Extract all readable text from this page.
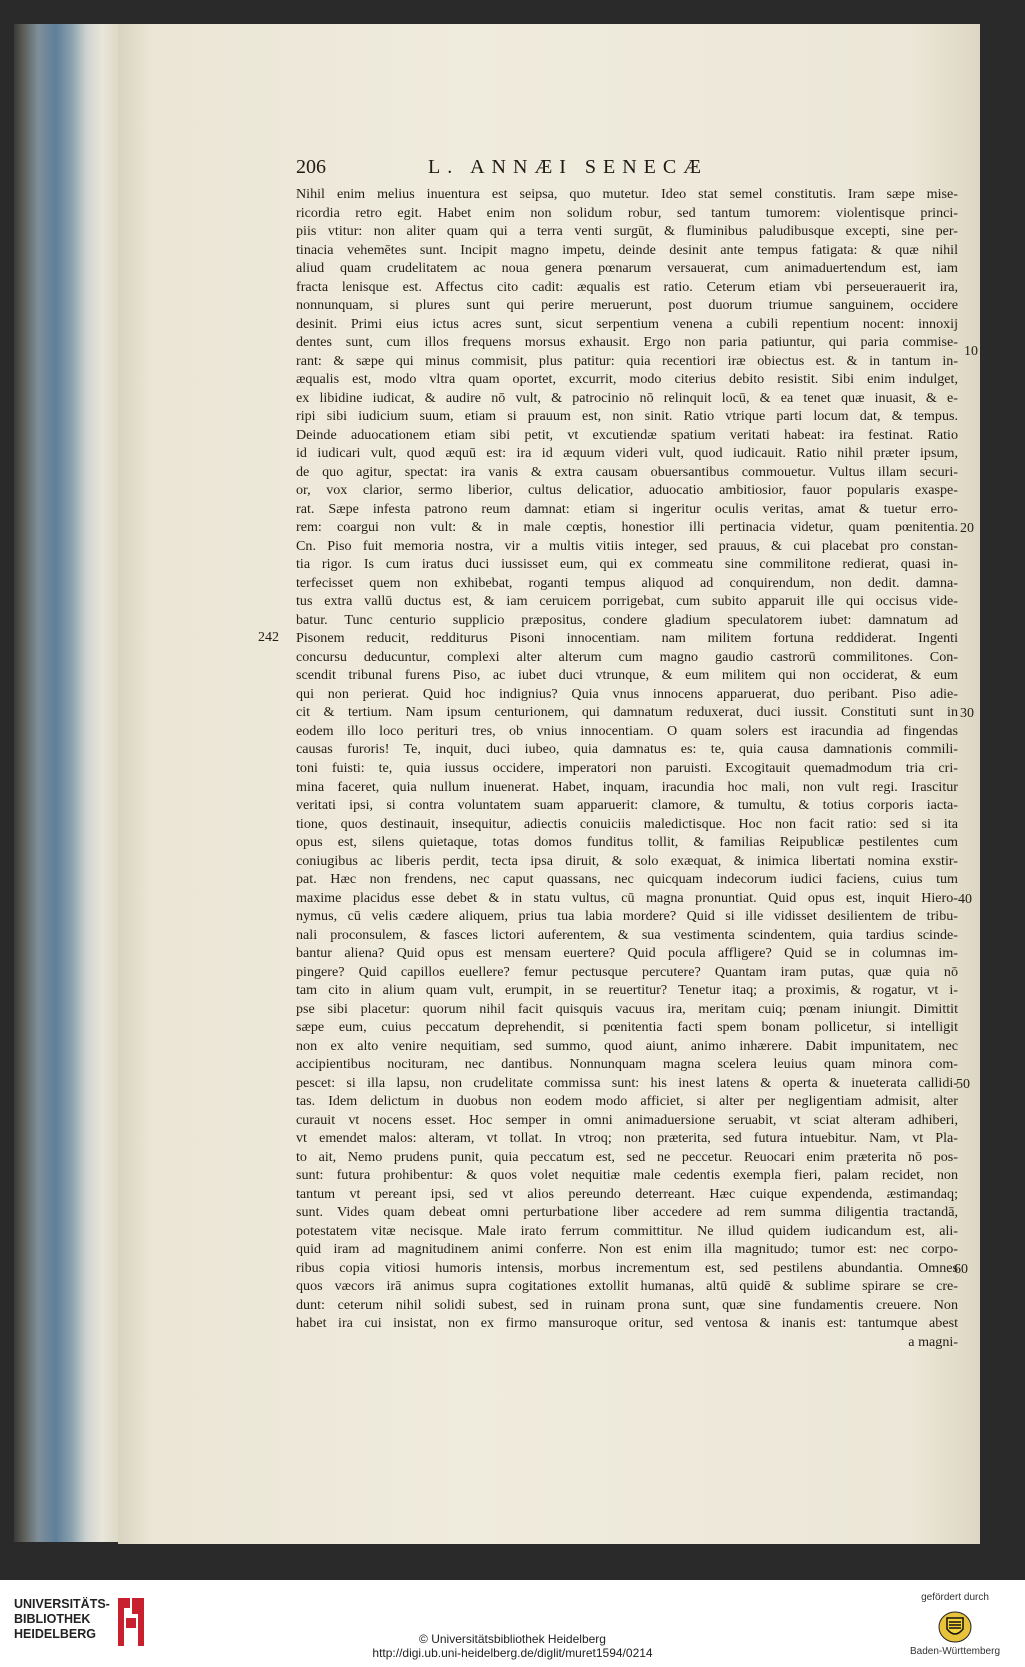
206	L. ANNÆI SENECÆ
Nihil enim melius inuentura est seipsa, quo mutetur. Ideo stat semel constitutis. Iram sæpe mise-
ricordia retro egit. Habet enim non solidum robur, sed tantum tumorem: violentisque princi-
piis vtitur: non aliter quam qui a terra venti surgūt, & fluminibus paludibusque excepti, sine per-
tinacia vehemētes sunt. Incipit magno impetu, deinde desinit ante tempus fatigata: & quæ nihil
aliud quam crudelitatem ac noua genera pœnarum versauerat, cum animaduertendum est, iam
fracta lenisque est. Affectus cito cadit: æqualis est ratio. Ceterum etiam vbi perseuerauerit ira,
nonnunquam, si plures sunt qui perire meruerunt, post duorum triumue sanguinem, occidere
desinit. Primi eius ictus acres sunt, sicut serpentium venena a cubili repentium nocent: innoxij
dentes sunt, cum illos frequens morsus exhausit. Ergo non paria patiuntur, qui paria commise-
rant: & sæpe qui minus commisit, plus patitur: quia recentiori iræ obiectus est. & in tantum in-
æqualis est, modo vltra quam oportet, excurrit, modo citerius debito resistit. Sibi enim indulget,
ex libidine iudicat, & audire nō vult, & patrocinio nō relinquit locū, & ea tenet quæ inuasit, & e-
ripi sibi iudicium suum, etiam si prauum est, non sinit. Ratio vtrique parti locum dat, & tempus.
Deinde aduocationem etiam sibi petit, vt excutiendæ spatium veritati habeat: ira festinat. Ratio
id iudicari vult, quod æquū est: ira id æquum videri vult, quod iudicauit. Ratio nihil præter ipsum,
de quo agitur, spectat: ira vanis & extra causam obuersantibus commouetur. Vultus illam securi-
or, vox clarior, sermo liberior, cultus delicatior, aduocatio ambitiosior, fauor popularis exaspe-
rat. Sæpe infesta patrono reum damnat: etiam si ingeritur oculis veritas, amat & tuetur erro-
rem: coargui non vult: & in male cœptis, honestior illi pertinacia videtur, quam pœnitentia.
Cn. Piso fuit memoria nostra, vir a multis vitiis integer, sed prauus, & cui placebat pro constan-
tia rigor. Is cum iratus duci iussisset eum, qui ex commeatu sine commilitone redierat, quasi in-
terfecisset quem non exhibebat, roganti tempus aliquod ad conquirendum, non dedit. damna-
tus extra vallū ductus est, & iam ceruicem porrigebat, cum subito apparuit ille qui occisus vide-
batur. Tunc centurio supplicio præpositus, condere gladium speculatorem iubet: damnatum ad
Pisonem reducit, redditurus Pisoni innocentiam. nam militem fortuna reddiderat. Ingenti
concursu deducuntur, complexi alter alterum cum magno gaudio castrorū commilitones. Con-
scendit tribunal furens Piso, ac iubet duci vtrunque, & eum militem qui non occiderat, & eum
qui non perierat. Quid hoc indignius? Quia vnus innocens apparuerat, duo peribant. Piso adie-
cit & tertium. Nam ipsum centurionem, qui damnatum reduxerat, duci iussit. Constituti sunt in
eodem illo loco perituri tres, ob vnius innocentiam. O quam solers est iracundia ad fingendas
causas furoris! Te, inquit, duci iubeo, quia damnatus es: te, quia causa damnationis commili-
toni fuisti: te, quia iussus occidere, imperatori non paruisti. Excogitauit quemadmodum tria cri-
mina faceret, quia nullum inuenerat. Habet, inquam, iracundia hoc mali, non vult regi. Irascitur
veritati ipsi, si contra voluntatem suam apparuerit: clamore, & tumultu, & totius corporis iacta-
tione, quos destinauit, insequitur, adiectis conuiciis maledictisque. Hoc non facit ratio: sed si ita
opus est, silens quietaque, totas domos funditus tollit, & familias Reipublicæ pestilentes cum
coniugibus ac liberis perdit, tecta ipsa diruit, & solo exæquat, & inimica libertati nomina exstir-
pat. Hæc non frendens, nec caput quassans, nec quicquam indecorum iudici faciens, cuius tum
maxime placidus esse debet & in statu vultus, cū magna pronuntiat. Quid opus est, inquit Hiero-
nymus, cū velis cædere aliquem, prius tua labia mordere? Quid si ille vidisset desilientem de tribu-
nali proconsulem, & fasces lictori auferentem, & sua vestimenta scindentem, quia tardius scinde-
bantur aliena? Quid opus est mensam euertere? Quid pocula affligere? Quid se in columnas im-
pingere? Quid capillos euellere? femur pectusque percutere? Quantam iram putas, quæ quia nō
tam cito in alium quam vult, erumpit, in se reuertitur? Tenetur itaq; a proximis, & rogatur, vt i-
pse sibi placetur: quorum nihil facit quisquis vacuus ira, meritam cuiq; pœnam iniungit. Dimittit
sæpe eum, cuius peccatum deprehendit, si pœnitentia facti spem bonam pollicetur, si intelligit
non ex alto venire nequitiam, sed summo, quod aiunt, animo inhærere. Dabit impunitatem, nec
accipientibus nocituram, nec dantibus. Nonnunquam magna scelera leuius quam minora com-
pescet: si illa lapsu, non crudelitate commissa sunt: his inest latens & operta & inueterata callidi-
tas. Idem delictum in duobus non eodem modo afficiet, si alter per negligentiam admisit, alter
curauit vt nocens esset. Hoc semper in omni animaduersione seruabit, vt sciat alteram adhiberi,
vt emendet malos: alteram, vt tollat. In vtroq; non præterita, sed futura intuebitur. Nam, vt Pla-
to ait, Nemo prudens punit, quia peccatum est, sed ne peccetur. Reuocari enim præterita nō pos-
sunt: futura prohibentur: & quos volet nequitiæ male cedentis exempla fieri, palam recidet, non
tantum vt pereant ipsi, sed vt alios pereundo deterreant. Hæc cuique expendenda, æstimandaq;
sunt. Vides quam debeat omni perturbatione liber accedere ad rem summa diligentia tractandā,
potestatem vitæ necisque. Male irato ferrum committitur. Ne illud quidem iudicandum est, ali-
quid iram ad magnitudinem animi conferre. Non est enim illa magnitudo; tumor est: nec corpo-
ribus copia vitiosi humoris intensis, morbus incrementum est, sed pestilens abundantia. Omnes
quos væcors irā animus supra cogitationes extollit humanas, altū quidē & sublime spirare se cre-
dunt: ceterum nihil solidi subest, sed in ruinam prona sunt, quæ sine fundamentis creuere. Non
habet ira cui insistat, non ex firmo mansuroque oritur, sed ventosa & inanis est: tantumque abest
a magni-
10
20
30
40
50
60
242
UNIVERSITÄTS-
BIBLIOTHEK
HEIDELBERG	© Universitätsbibliothek Heidelberg
http://digi.ub.uni-heidelberg.de/diglit/muret1594/0214
gefördert durch
Baden-Württemberg
